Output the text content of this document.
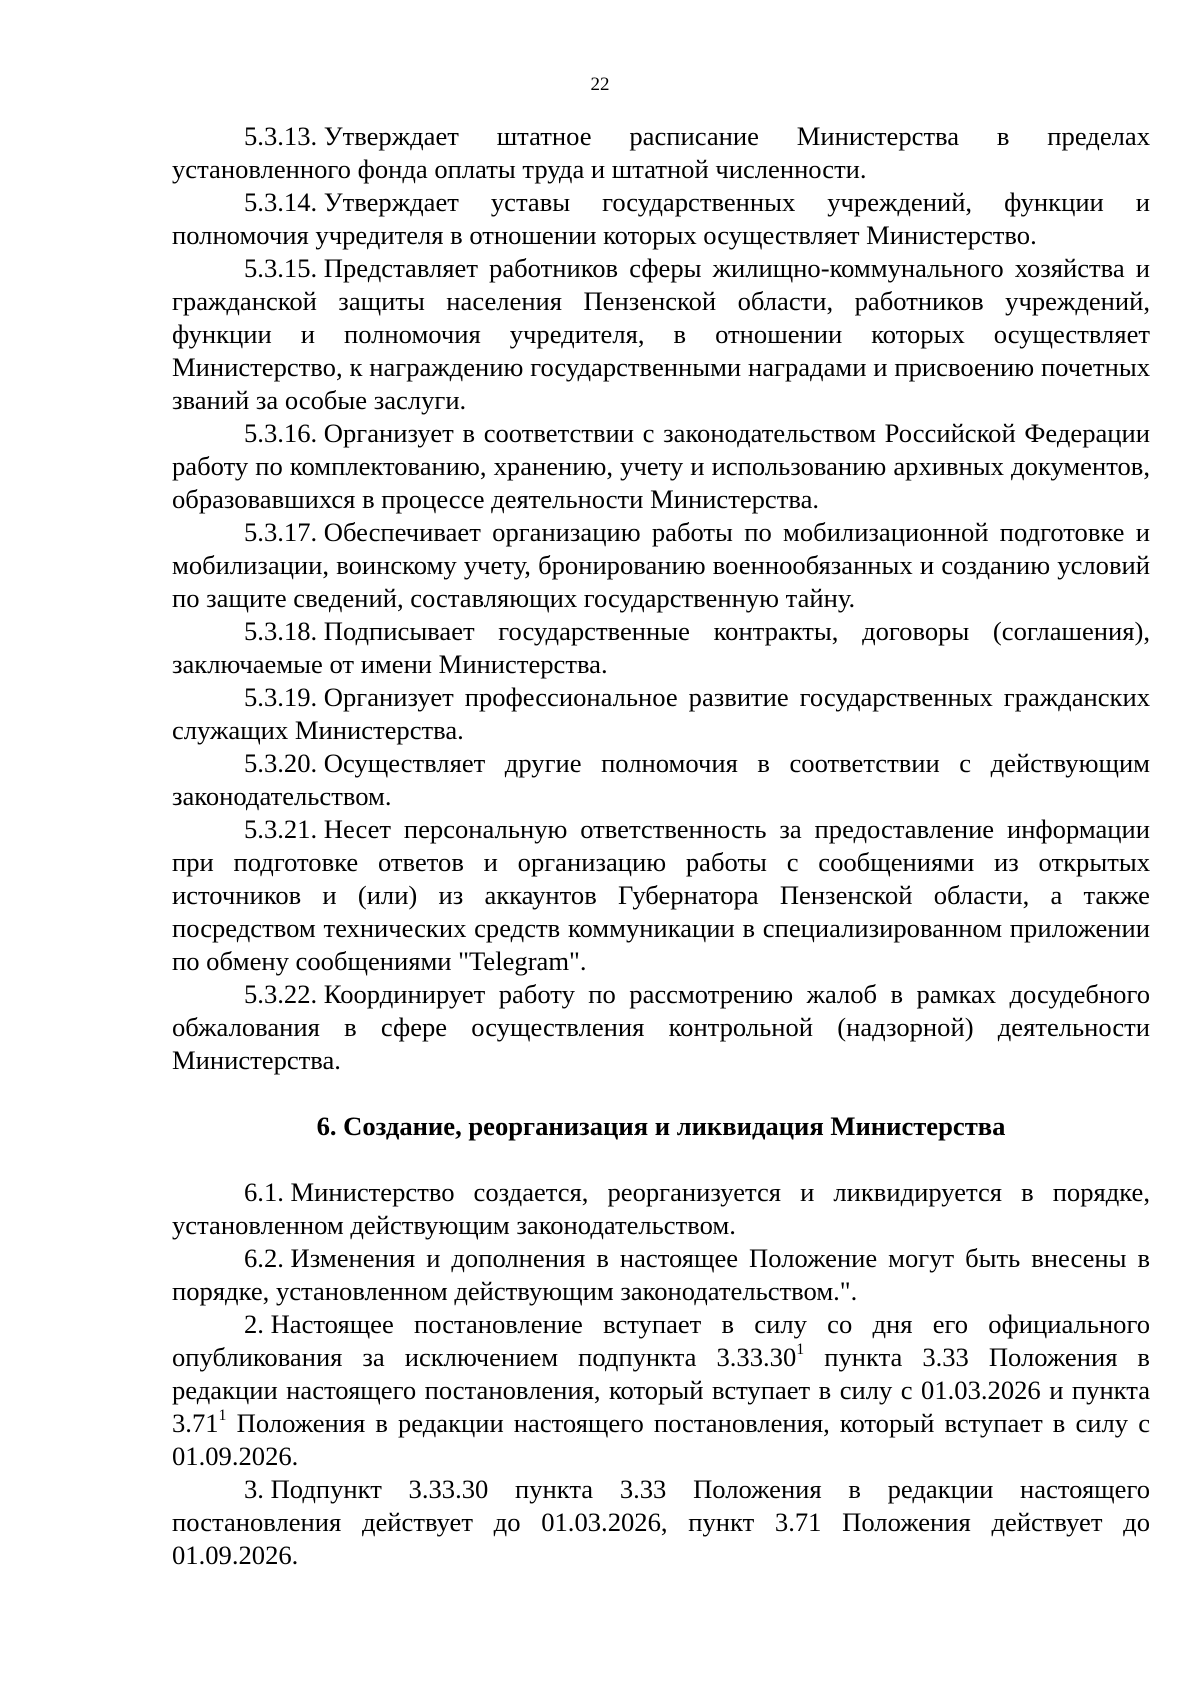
22

5.3.13. Утверждает штатное расписание Министерства в пределах установленного фонда оплаты труда и штатной численности.

5.3.14. Утверждает уставы государственных учреждений, функции и полномочия учредителя в отношении которых осуществляет Министерство.

5.3.15. Представляет работников сферы жилищно-коммунального хозяйства и гражданской защиты населения Пензенской области, работников учреждений, функции и полномочия учредителя, в отношении которых осуществляет Министерство, к награждению государственными наградами и присвоению почетных званий за особые заслуги.

5.3.16. Организует в соответствии с законодательством Российской Федерации работу по комплектованию, хранению, учету и использованию архивных документов, образовавшихся в процессе деятельности Министерства.

5.3.17. Обеспечивает организацию работы по мобилизационной подготовке и мобилизации, воинскому учету, бронированию военнообязанных и созданию условий по защите сведений, составляющих государственную тайну.

5.3.18. Подписывает государственные контракты, договоры (соглашения), заключаемые от имени Министерства.

5.3.19. Организует профессиональное развитие государственных гражданских служащих Министерства.

5.3.20. Осуществляет другие полномочия в соответствии с действующим законодательством.

5.3.21. Несет персональную ответственность за предоставление информации при подготовке ответов и организацию работы с сообщениями из открытых источников и (или) из аккаунтов Губернатора Пензенской области, а также посредством технических средств коммуникации в специализированном приложении по обмену сообщениями "Telegram".

5.3.22. Координирует работу по рассмотрению жалоб в рамках досудебного обжалования в сфере осуществления контрольной (надзорной) деятельности Министерства.

6. Создание, реорганизация и ликвидация Министерства

6.1. Министерство создается, реорганизуется и ликвидируется в порядке, установленном действующим законодательством.

6.2. Изменения и дополнения в настоящее Положение могут быть внесены в порядке, установленном действующим законодательством.".

2. Настоящее постановление вступает в силу со дня его официального опубликования за исключением подпункта 3.33.30$^1$ пункта 3.33 Положения в редакции настоящего постановления, который вступает в силу с 01.03.2026 и пункта 3.71$^1$ Положения в редакции настоящего постановления, который вступает в силу с 01.09.2026.

3. Подпункт 3.33.30 пункта 3.33 Положения в редакции настоящего постановления действует до 01.03.2026, пункт 3.71 Положения действует до 01.09.2026.
